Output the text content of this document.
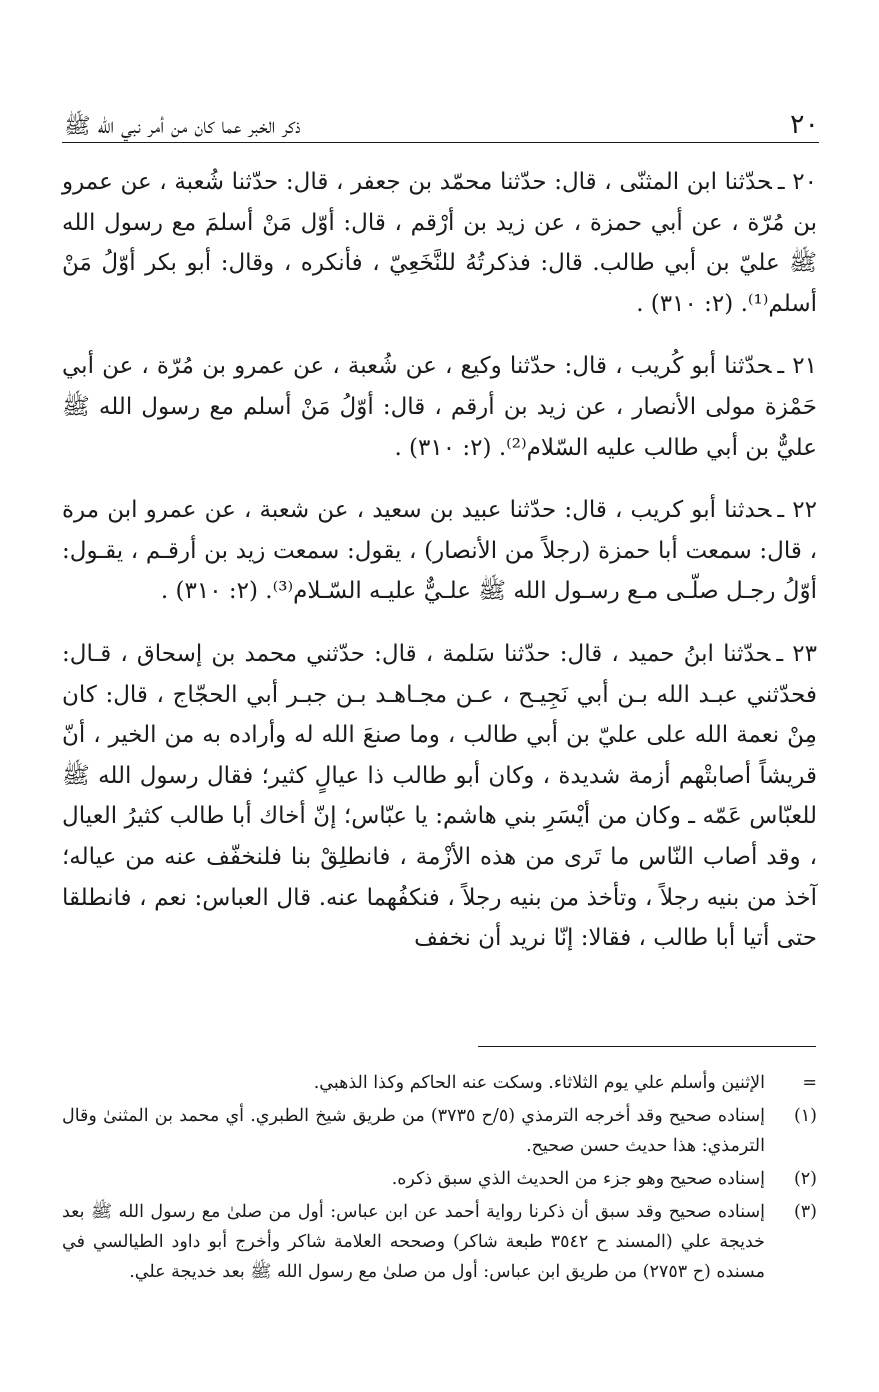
٢٠
ذكر الخبر عما كان من أمر نبي الله ﷺ

٢٠ ـحدّثنا ابن المثنّى ، قال: حدّثنا محمّد بن جعفر ، قال: حدّثنا شُعبة ، عن عمرو بن مُرّة ، عن أبي حمزة ، عن زيد بن أرْقم ، قال: أوّل مَنْ أسلمَ مع رسول الله ﷺ عليّ بن أبي طالب. قال: فذكرتُهُ للنَّخَعِيّ ، فأنكره ، وقال: أبو بكر أوّلُ مَنْ أسلم⁽¹⁾. (٢: ٣١٠) .

٢١ ـحدّثنا أبو كُريب ، قال: حدّثنا وكيع ، عن شُعبة ، عن عمرو بن مُرّة ، عن أبي حَمْزة مولى الأنصار ، عن زيد بن أرقم ، قال: أوّلُ مَنْ أسلم مع رسول الله ﷺ عليٌّ بن أبي طالب عليه السّلام⁽²⁾. (٢: ٣١٠) .

٢٢ ـحدثنا أبو كريب ، قال: حدّثنا عبيد بن سعيد ، عن شعبة ، عن عمرو ابن مرة ، قال: سمعت أبا حمزة (رجلاً من الأنصار) ، يقول: سمعت زيد بن أرقـم ، يقـول: أوّلُ رجـل صلّـى مـع رسـول الله ﷺ علـيٌّ عليـه السّـلام⁽³⁾. (٢: ٣١٠) .

٢٣ ـحدّثنا ابنُ حميد ، قال: حدّثنا سَلمة ، قال: حدّثني محمد بن إسحاق ، قـال: فحدّثني عبـد الله بـن أبي نَجِيـح ، عـن مجـاهـد بـن جبـر أبي الحجّاج ، قال: كان مِنْ نعمة الله على عليّ بن أبي طالب ، وما صنعَ الله له وأراده به من الخير ، أنّ قريشاً أصابتْهم أزمة شديدة ، وكان أبو طالب ذا عيالٍ كثير؛ فقال رسول الله ﷺ للعبّاس عَمّه ـ وكان من أيْسَرِ بني هاشم: يا عبّاس؛ إنّ أخاك أبا طالب كثيرُ العيال ، وقد أصاب النّاس ما تَرى من هذه الأزْمة ، فانطلِقْ بنا فلنخفّف عنه من عياله؛ آخذ من بنيه رجلاً ، وتأخذ من بنيه رجلاً ، فنكفُهما عنه. قال العباس: نعم ، فانطلقا حتى أتيا أبا طالب ، فقالا: إنّا نريد أن نخفف

=
الإثنين وأسلم علي يوم الثلاثاء. وسكت عنه الحاكم وكذا الذهبي.
(١)
إسناده صحيح وقد أخرجه الترمذي (٥/ح ٣٧٣٥) من طريق شيخ الطبري. أي محمد بن المثنىٰ وقال الترمذي: هذا حديث حسن صحيح.
(٢)
إسناده صحيح وهو جزء من الحديث الذي سبق ذكره.
(٣)
إسناده صحيح وقد سبق أن ذكرنا رواية أحمد عن ابن عباس: أول من صلىٰ مع رسول الله ﷺ بعد خديجة علي (المسند ح ٣٥٤٢ طبعة شاكر) وصححه العلامة شاكر وأخرج أبو داود الطيالسي في مسنده (ح ٢٧٥٣) من طريق ابن عباس: أول من صلىٰ مع رسول الله ﷺ بعد خديجة علي.
